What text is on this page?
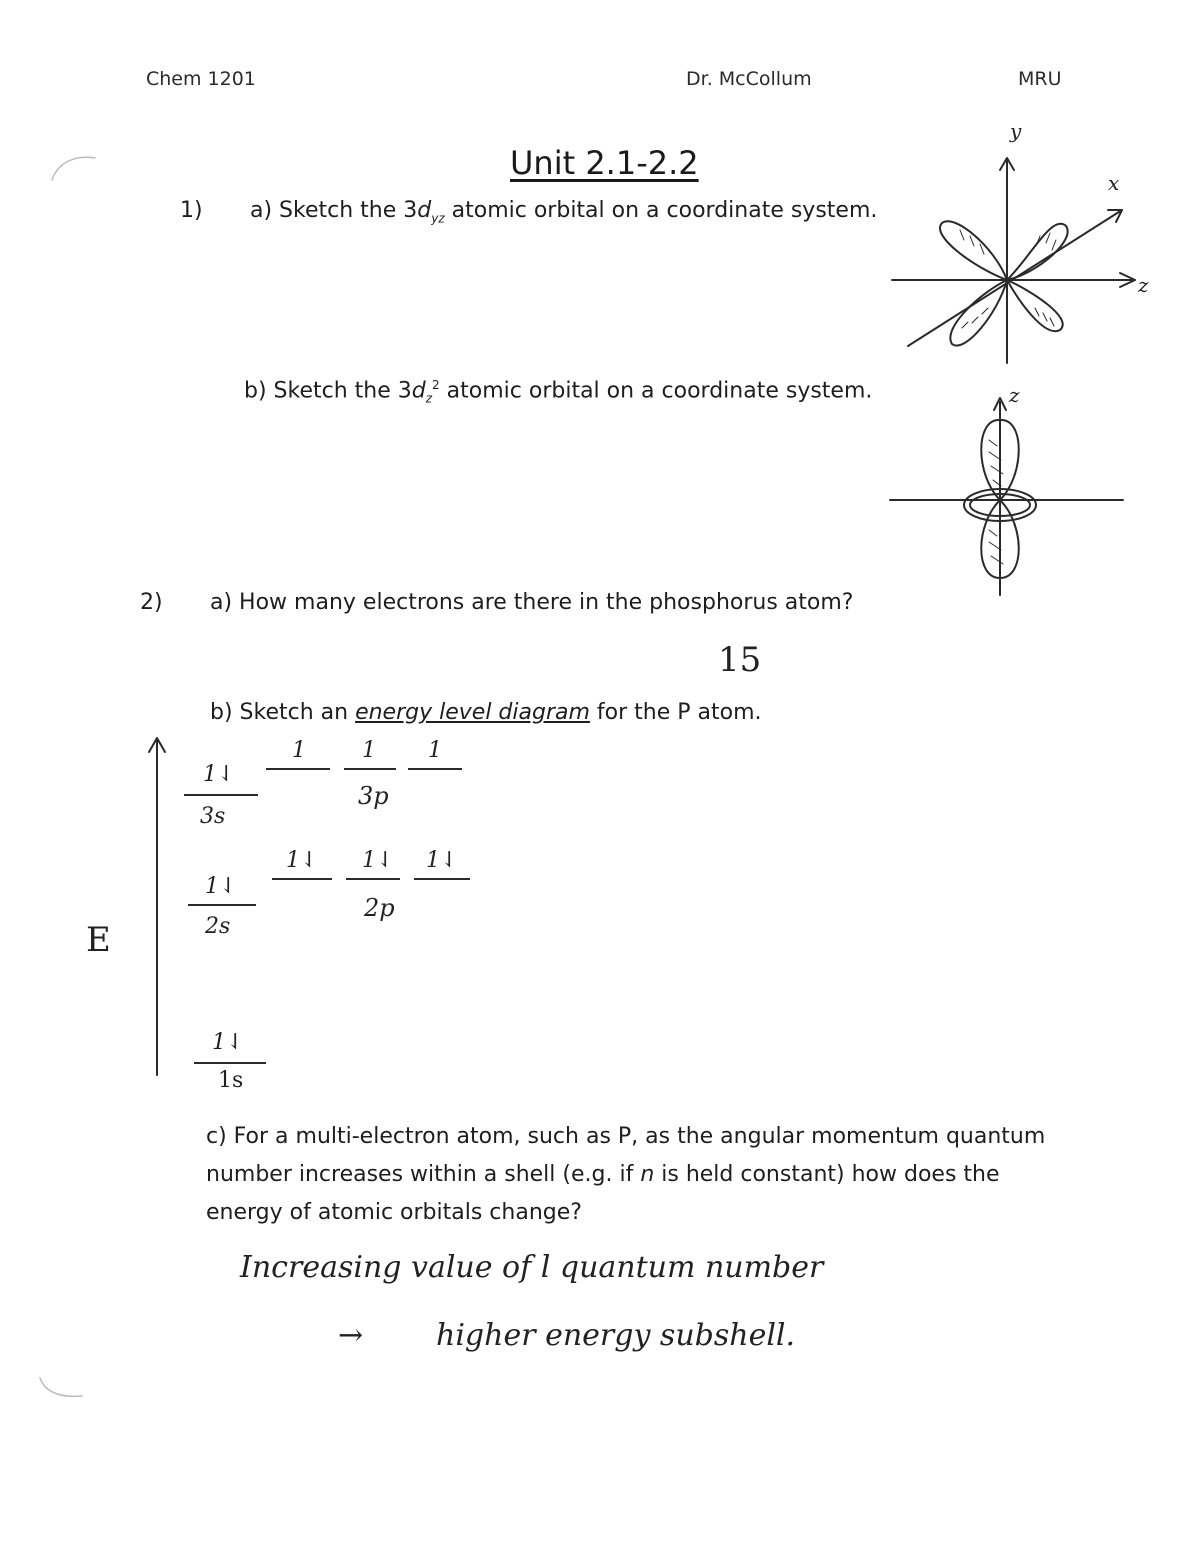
Chem 1201	Dr. McCollum	MRU
Unit 2.1-2.2
1) a) Sketch the $3d_{yz}$ atomic orbital on a coordinate system.
b) Sketch the $3d_z^2$ atomic orbital on a coordinate system.
y
x
z
z
2) a) How many electrons are there in the phosphorus atom?
15
b) Sketch an energy level diagram for the P atom.
E
1⇃
3s
1	1 1
3p
1⇃ 1⇃ 1⇃
2p
1⇃
2s
1⇃
1s
c) For a multi-electron atom, such as P, as the angular momentum quantum
number increases within a shell (e.g. if n is held constant) how does the
energy of atomic orbitals change?
Increasing value of l quantum number
→ higher energy subshell.
